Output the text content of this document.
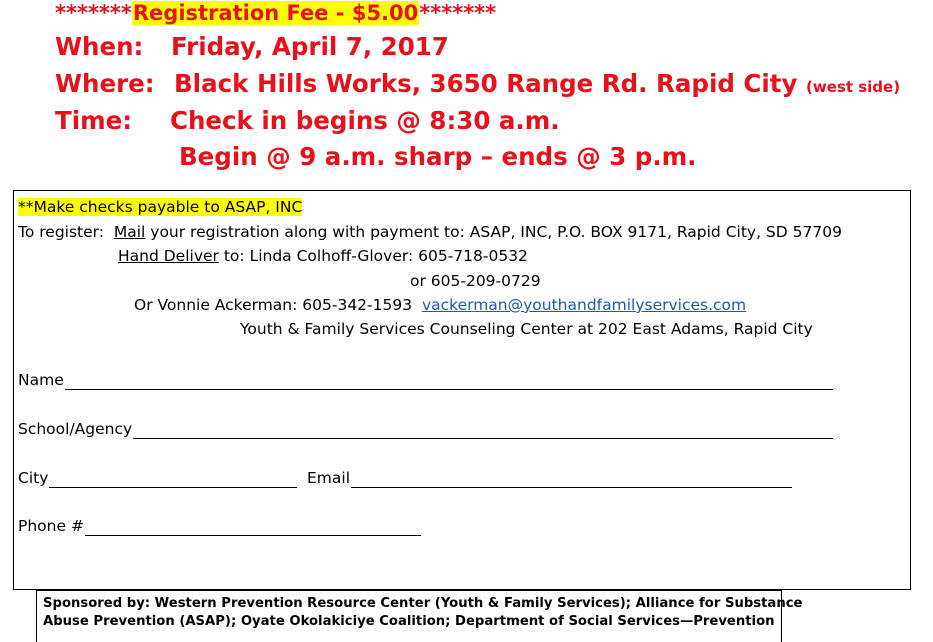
*******Registration Fee - $5.00*******
When: Friday, April 7, 2017
Where: Black Hills Works, 3650 Range Rd. Rapid City (west side)
Time: Check in begins @ 8:30 a.m.
Begin @ 9 a.m. sharp – ends @ 3 p.m.
**Make checks payable to ASAP, INC
To register: Mail your registration along with payment to: ASAP, INC, P.O. BOX 9171, Rapid City, SD 57709
Hand Deliver to: Linda Colhoff-Glover: 605-718-0532
or 605-209-0729
Or Vonnie Ackerman: 605-342-1593 vackerman@youthandfamilyservices.com
Youth & Family Services Counseling Center at 202 East Adams, Rapid City
Name
School/Agency
City	Email
Phone #
Sponsored by: Western Prevention Resource Center (Youth & Family Services); Alliance for Substance
Abuse Prevention (ASAP); Oyate Okolakiciye Coalition; Department of Social Services—Prevention
